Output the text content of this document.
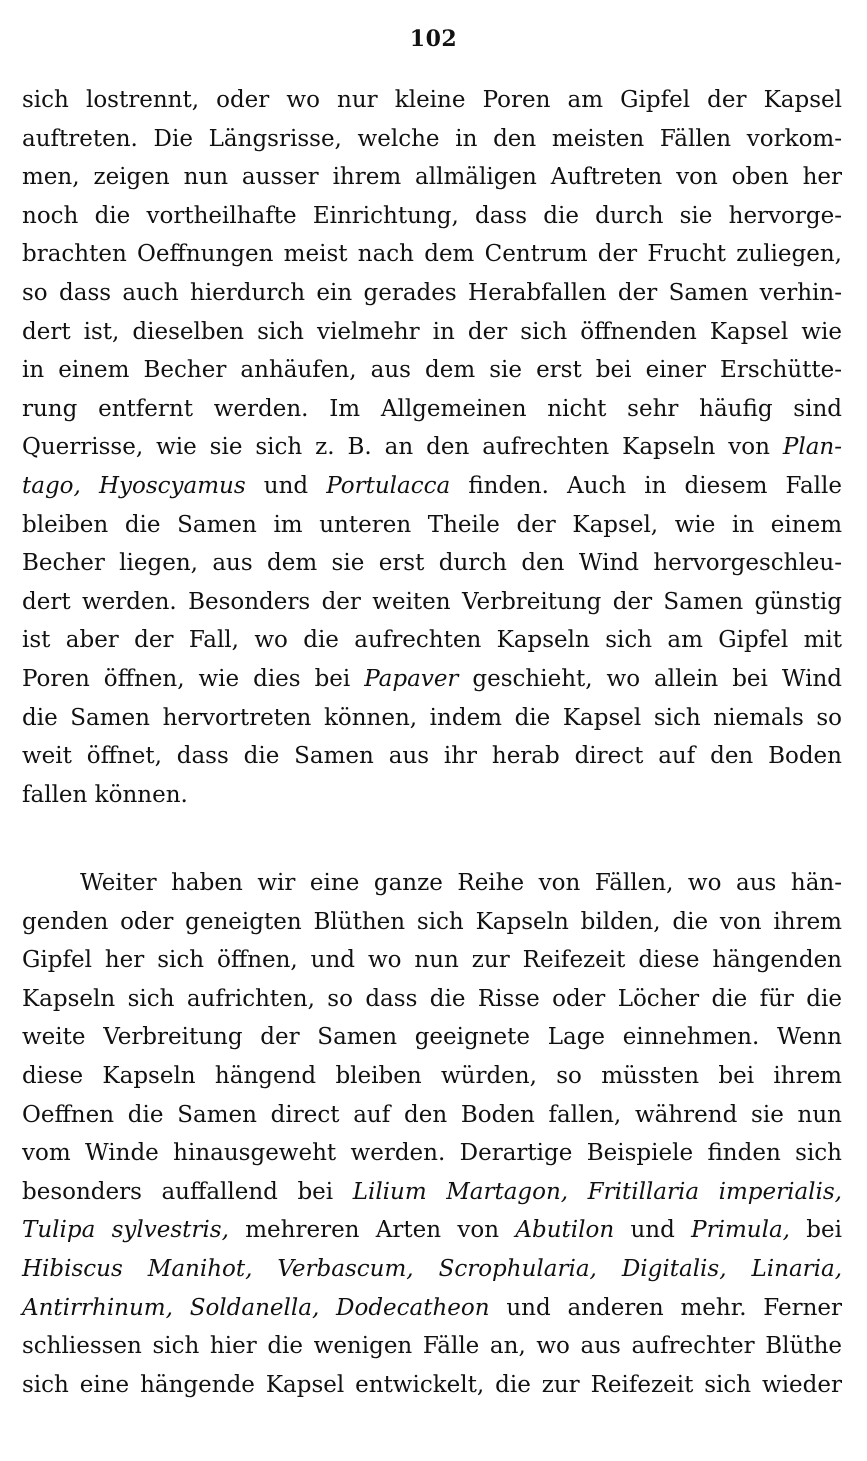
102
sich lostrennt, oder wo nur kleine Poren am Gipfel der Kapsel
auftreten. Die Längsrisse, welche in den meisten Fällen vorkom-
men, zeigen nun ausser ihrem allmäligen Auftreten von oben her
noch die vortheilhafte Einrichtung, dass die durch sie hervorge-
brachten Oeffnungen meist nach dem Centrum der Frucht zuliegen,
so dass auch hierdurch ein gerades Herabfallen der Samen verhin-
dert ist, dieselben sich vielmehr in der sich öffnenden Kapsel wie
in einem Becher anhäufen, aus dem sie erst bei einer Erschütte-
rung entfernt werden. Im Allgemeinen nicht sehr häufig sind
Querrisse, wie sie sich z. B. an den aufrechten Kapseln von Plan-
tago, Hyoscyamus und Portulacca finden. Auch in diesem Falle
bleiben die Samen im unteren Theile der Kapsel, wie in einem
Becher liegen, aus dem sie erst durch den Wind hervorgeschleu-
dert werden. Besonders der weiten Verbreitung der Samen günstig
ist aber der Fall, wo die aufrechten Kapseln sich am Gipfel mit
Poren öffnen, wie dies bei Papaver geschieht, wo allein bei Wind
die Samen hervortreten können, indem die Kapsel sich niemals so
weit öffnet, dass die Samen aus ihr herab direct auf den Boden
fallen können.
Weiter haben wir eine ganze Reihe von Fällen, wo aus hän-
genden oder geneigten Blüthen sich Kapseln bilden, die von ihrem
Gipfel her sich öffnen, und wo nun zur Reifezeit diese hängenden
Kapseln sich aufrichten, so dass die Risse oder Löcher die für die
weite Verbreitung der Samen geeignete Lage einnehmen. Wenn
diese Kapseln hängend bleiben würden, so müssten bei ihrem
Oeffnen die Samen direct auf den Boden fallen, während sie nun
vom Winde hinausgeweht werden. Derartige Beispiele finden sich
besonders auffallend bei Lilium Martagon, Fritillaria imperialis,
Tulipa sylvestris, mehreren Arten von Abutilon und Primula, bei
Hibiscus Manihot, Verbascum, Scrophularia, Digitalis, Linaria,
Antirrhinum, Soldanella, Dodecatheon und anderen mehr. Ferner
schliessen sich hier die wenigen Fälle an, wo aus aufrechter Blüthe
sich eine hängende Kapsel entwickelt, die zur Reifezeit sich wieder
